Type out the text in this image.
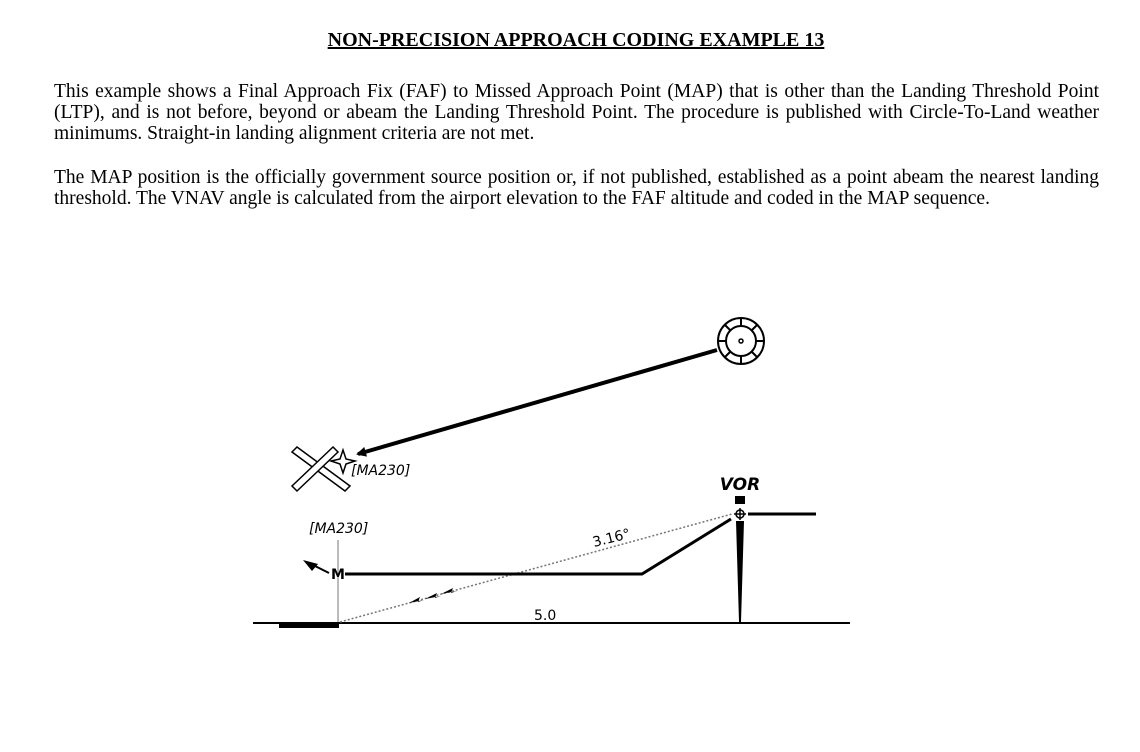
NON-PRECISION APPROACH CODING EXAMPLE 13

This example shows a Final Approach Fix (FAF) to Missed Approach Point (MAP) that is other than the Landing Threshold Point (LTP), and is not before, beyond or abeam the Landing Threshold Point. The procedure is published with Circle-To-Land weather minimums. Straight-in landing alignment criteria are not met.

The MAP position is the officially government source position or, if not published, established as a point abeam the nearest landing threshold. The VNAV angle is calculated from the airport elevation to the FAF altitude and coded in the MAP sequence.

[MA230]
M
[MA230]
VOR
3.16°
5.0
